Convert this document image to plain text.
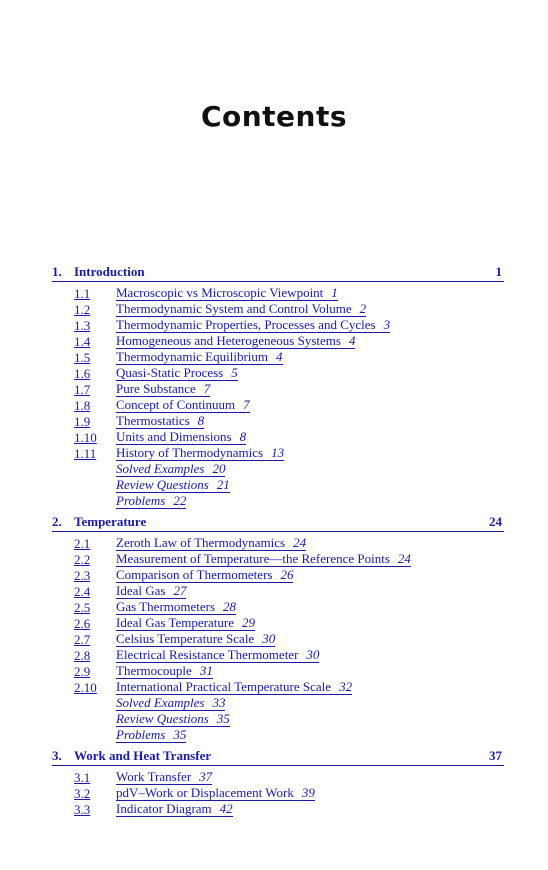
Contents
1. Introduction	1
1.1	Macroscopic vs Microscopic Viewpoint 1
1.2	Thermodynamic System and Control Volume 2
1.3	Thermodynamic Properties, Processes and Cycles 3
1.4	Homogeneous and Heterogeneous Systems 4
1.5	Thermodynamic Equilibrium 4
1.6	Quasi-Static Process 5
1.7	Pure Substance 7
1.8	Concept of Continuum 7
1.9	Thermostatics 8
1.10	Units and Dimensions 8
1.11	History of Thermodynamics 13
Solved Examples 20
Review Questions 21
Problems 22
2. Temperature	24
2.1	Zeroth Law of Thermodynamics 24
2.2	Measurement of Temperature—the Reference Points 24
2.3	Comparison of Thermometers 26
2.4	Ideal Gas 27
2.5	Gas Thermometers 28
2.6	Ideal Gas Temperature 29
2.7	Celsius Temperature Scale 30
2.8	Electrical Resistance Thermometer 30
2.9	Thermocouple 31
2.10	International Practical Temperature Scale 32
Solved Examples 33
Review Questions 35
Problems 35
3. Work and Heat Transfer	37
3.1	Work Transfer 37
3.2	pdV–Work or Displacement Work 39
3.3	Indicator Diagram 42
